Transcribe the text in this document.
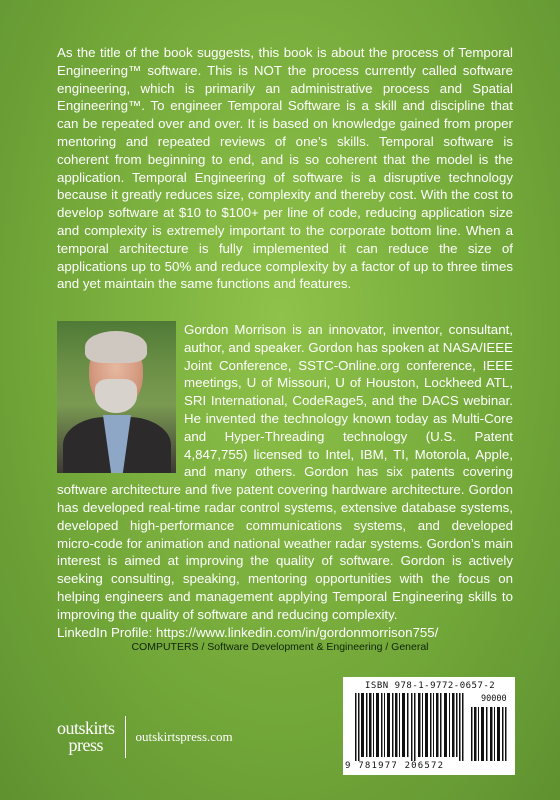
As the title of the book suggests, this book is about the process of Temporal Engineering™ software. This is NOT the process currently called software engineering, which is primarily an administrative process and Spatial Engineering™. To engineer Temporal Software is a skill and discipline that can be repeated over and over. It is based on knowledge gained from proper mentoring and repeated reviews of one’s skills. Temporal software is coherent from beginning to end, and is so coherent that the model is the application. Temporal Engineering of software is a disruptive technology because it greatly reduces size, complexity and thereby cost. With the cost to develop software at $10 to $100+ per line of code, reducing application size and complexity is extremely important to the corporate bottom line. When a temporal architecture is fully implemented it can reduce the size of applications up to 50% and reduce complexity by a factor of up to three times and yet maintain the same functions and features.

Gordon Morrison is an innovator, inventor, consultant, author, and speaker. Gordon has spoken at NASA/IEEE Joint Conference, SSTC-Online.org conference, IEEE meetings, U of Missouri, U of Houston, Lockheed ATL, SRI International, CodeRage5, and the DACS webinar. He invented the technology known today as Multi-Core and Hyper-Threading technology (U.S. Patent 4,847,755) licensed to Intel, IBM, TI, Motorola, Apple, and many others. Gordon has six patents covering software architecture and five patent covering hardware architecture. Gordon has developed real-time radar control systems, extensive database systems, developed high-performance communications systems, and developed micro-code for animation and national weather radar systems. Gordon’s main interest is aimed at improving the quality of software. Gordon is actively seeking consulting, speaking, mentoring opportunities with the focus on helping engineers and management applying Temporal Engineering skills to improving the quality of software and reducing complexity.

LinkedIn Profile: https://www.linkedin.com/in/gordonmorrison755/

COMPUTERS / Software Development & Engineering / General
ISBN 978-1-9772-0657-2
90000
9 781977 206572
outskirts
press	outskirtspress.com
